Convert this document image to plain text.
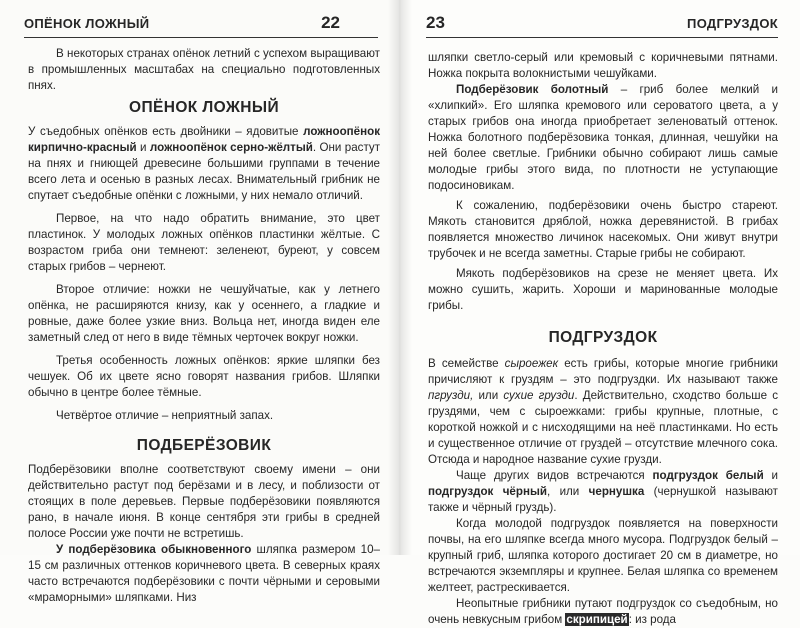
ОПЁНОК ЛОЖНЫЙ	22

В некоторых странах опёнок летний с успехом выращивают в промышленных масштабах на специально подготовленных пнях.

ОПЁНОК ЛОЖНЫЙ

У съедобных опёнков есть двойники – ядовитые ложноопёнок кирпично-красный и ложноопёнок серно-жёлтый. Они растут на пнях и гниющей древесине большими группами в течение всего лета и осенью в разных лесах. Внимательный грибник не спутает съедобные опёнки с ложными, у них немало отличий.

Первое, на что надо обратить внимание, это цвет пластинок. У молодых ложных опёнков пластинки жёлтые. С возрастом гриба они темнеют: зеленеют, буреют, у совсем старых грибов – чернеют.

Второе отличие: ножки не чешуйчатые, как у летнего опёнка, не расширяются книзу, как у осеннего, а гладкие и ровные, даже более узкие вниз. Вольца нет, иногда виден еле заметный след от него в виде тёмных черточек вокруг ножки.

Третья особенность ложных опёнков: яркие шляпки без чешуек. Об их цвете ясно говорят названия грибов. Шляпки обычно в центре более тёмные.

Четвёртое отличие – неприятный запах.

ПОДБЕРЁЗОВИК

Подберёзовики вполне соответствуют своему имени – они действительно растут под берёзами и в лесу, и поблизости от стоящих в поле деревьев. Первые подберёзовики появляются рано, в начале июня. В конце сентября эти грибы в средней полосе России уже почти не встретишь.

У подберёзовика обыкновенного шляпка размером 10–15 см различных оттенков коричневого цвета. В северных краях часто встречаются подберёзовики с почти чёрными и серовыми «мраморными» шляпками. Низ

23	ПОДГРУЗДОК

шляпки светло-серый или кремовый с коричневыми пятнами. Ножка покрыта волокнистыми чешуйками.

Подберёзовик болотный – гриб более мелкий и «хлипкий». Его шляпка кремового или сероватого цвета, а у старых грибов она иногда приобретает зеленоватый оттенок. Ножка болотного подберёзовика тонкая, длинная, чешуйки на ней более светлые. Грибники обычно собирают лишь самые молодые грибы этого вида, по плотности не уступающие подосиновикам.

К сожалению, подберёзовики очень быстро стареют. Мякоть становится дряблой, ножка деревянистой. В грибах появляется множество личинок насекомых. Они живут внутри трубочек и не всегда заметны. Старые грибы не собирают.

Мякоть подберёзовиков на срезе не меняет цвета. Их можно сушить, жарить. Хороши и маринованные молодые грибы.

ПОДГРУЗДОК

В семействе сыроежек есть грибы, которые многие грибники причисляют к груздям – это подгруздки. Их называют также пгрузди, или сухие грузди. Действительно, сходство больше с груздями, чем с сыроежками: грибы крупные, плотные, с короткой ножкой и с нисходящими на неё пластинками. Но есть и существенное отличие от груздей – отсутствие млечного сока. Отсюда и народное название сухие грузди.

Чаще других видов встречаются подгруздок белый и подгруздок чёрный, или чернушка (чернушкой называют также и чёрный груздь).

Когда молодой подгруздок появляется на поверхности почвы, на его шляпке всегда много мусора. Подгруздок белый – крупный гриб, шляпка которого достигает 20 см в диаметре, но встречаются экземпляры и крупнее. Белая шляпка со временем желтеет, растрескивается.

Неопытные грибники путают подгруздок со съедобным, но очень невкусным грибом скрипицей: из рода
